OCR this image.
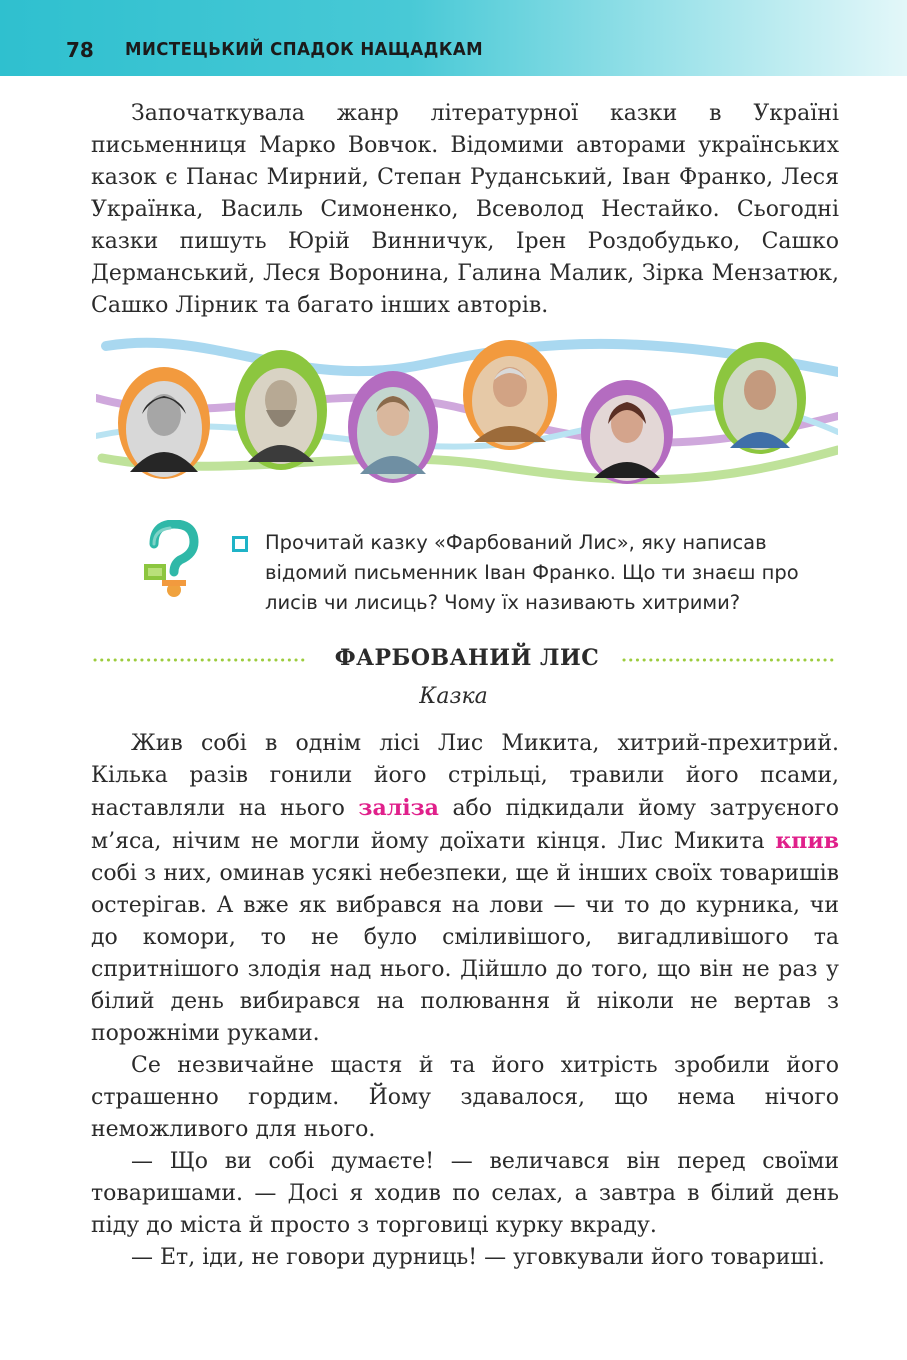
78 МИСТЕЦЬКИЙ СПАДОК НАЩАДКАМ

Започаткувала жанр літературної казки в Україні письменниця Марко Вовчок. Відомими авторами українських казок є Панас Мирний, Степан Руданський, Іван Франко, Леся Українка, Василь Симоненко, Всеволод Нестайко. Сьогодні казки пишуть Юрій Винничук, Ірен Роздобудько, Сашко Дерманський, Леся Воронина, Галина Малик, Зірка Мензатюк, Сашко Лірник та багато інших авторів.

Прочитай казку «Фарбований Лис», яку написав відомий письменник Іван Франко. Що ти знаєш про лисів чи лисиць? Чому їх називають хитрими?
ФАРБОВАНИЙ ЛИС
Казка

Жив собі в однім лісі Лис Микита, хитрий-прехитрий. Кілька разів гонили його стрільці, травили його псами, наставляли на нього заліза або підкидали йому затруєного м’яса, нічим не могли йому доїхати кінця. Лис Микита кпив собі з них, оминав усякі небезпеки, ще й інших своїх товаришів остерігав. А вже як вибрався на лови — чи то до курника, чи до комори, то не було сміливішого, вигадливішого та спритнішого злодія над нього. Дійшло до того, що він не раз у білий день вибирався на полювання й ніколи не вертав з порожніми руками.

Се незвичайне щастя й та його хитрість зробили його страшенно гордим. Йому здавалося, що нема нічого неможливого для нього.

— Що ви собі думаєте! — величався він перед своїми товаришами. — Досі я ходив по селах, а завтра в білий день піду до міста й просто з торговиці курку вкраду.

— Ет, іди, не говори дурниць! — уговкували його товариші.
